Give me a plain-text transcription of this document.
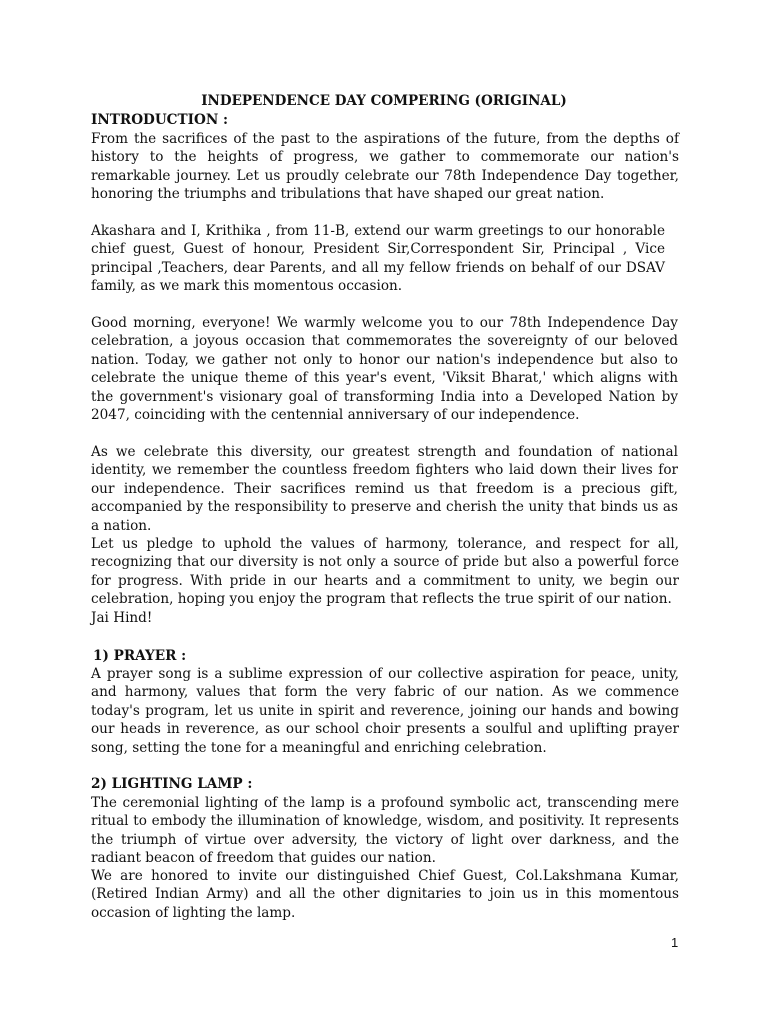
INDEPENDENCE DAY COMPERING (ORIGINAL)
INTRODUCTION :
From the sacrifices of the past to the aspirations of the future, from the depths of history to the heights of progress, we gather to commemorate our nation's remarkable journey. Let us proudly celebrate our 78th Independence Day together, honoring the triumphs and tribulations that have shaped our great nation.
Akashara and I, Krithika , from 11-B, extend our warm greetings to our honorable chief guest, Guest of honour, President Sir,Correspondent Sir, Principal , Vice principal ,Teachers, dear Parents, and all my fellow friends on behalf of our DSAV family, as we mark this momentous occasion.
Good morning, everyone! We warmly welcome you to our 78th Independence Day celebration, a joyous occasion that commemorates the sovereignty of our beloved nation. Today, we gather not only to honor our nation's independence but also to celebrate the unique theme of this year's event, 'Viksit Bharat,' which aligns with the government's visionary goal of transforming India into a Developed Nation by 2047, coinciding with the centennial anniversary of our independence.
As we celebrate this diversity, our greatest strength and foundation of national identity, we remember the countless freedom fighters who laid down their lives for our independence. Their sacrifices remind us that freedom is a precious gift, accompanied by the responsibility to preserve and cherish the unity that binds us as a nation.
Let us pledge to uphold the values of harmony, tolerance, and respect for all, recognizing that our diversity is not only a source of pride but also a powerful force for progress. With pride in our hearts and a commitment to unity, we begin our celebration, hoping you enjoy the program that reflects the true spirit of our nation.
Jai Hind!
1) PRAYER :
A prayer song is a sublime expression of our collective aspiration for peace, unity, and harmony, values that form the very fabric of our nation. As we commence today's program, let us unite in spirit and reverence, joining our hands and bowing our heads in reverence, as our school choir presents a soulful and uplifting prayer song, setting the tone for a meaningful and enriching celebration.
2) LIGHTING LAMP :
The ceremonial lighting of the lamp is a profound symbolic act, transcending mere ritual to embody the illumination of knowledge, wisdom, and positivity. It represents the triumph of virtue over adversity, the victory of light over darkness, and the radiant beacon of freedom that guides our nation.
We are honored to invite our distinguished Chief Guest, Col.Lakshmana Kumar, (Retired Indian Army) and all the other dignitaries to join us in this momentous occasion of lighting the lamp.
1
